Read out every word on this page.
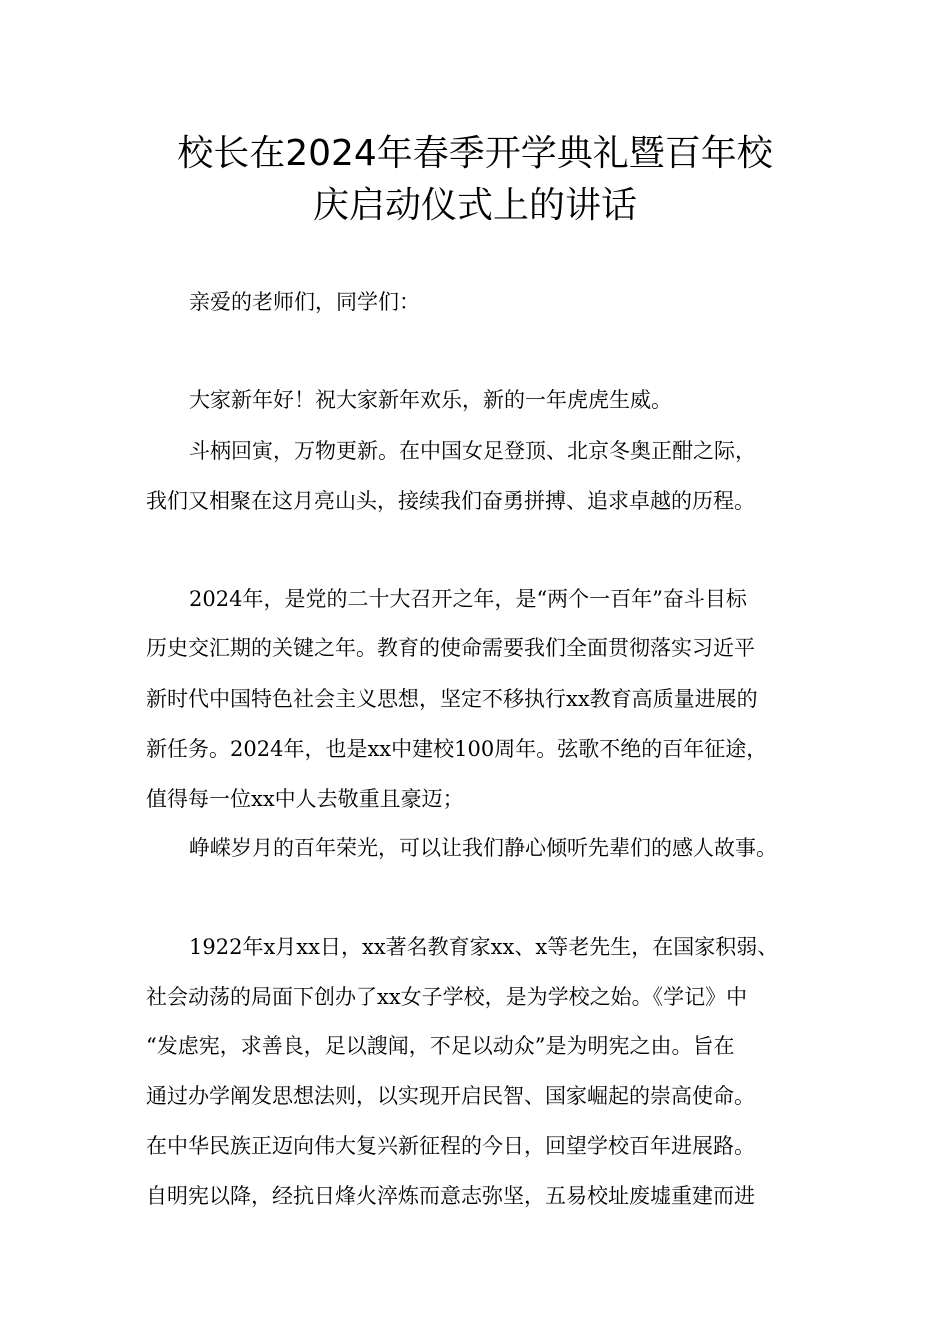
校长在2024年春季开学典礼暨百年校
庆启动仪式上的讲话
亲爱的老师们，同学们：
大家新年好！祝大家新年欢乐，新的一年虎虎生威。
斗柄回寅，万物更新。在中国女足登顶、北京冬奥正酣之际，
我们又相聚在这月亮山头，接续我们奋勇拼搏、追求卓越的历程。
2024年，是党的二十大召开之年，是“两个一百年”奋斗目标
历史交汇期的关键之年。教育的使命需要我们全面贯彻落实习近平
新时代中国特色社会主义思想，坚定不移执行xx教育高质量进展的
新任务。2024年，也是xx中建校100周年。弦歌不绝的百年征途，
值得每一位xx中人去敬重且豪迈；
峥嵘岁月的百年荣光，可以让我们静心倾听先辈们的感人故事。
1922年x月xx日，xx著名教育家xx、x等老先生，在国家积弱、
社会动荡的局面下创办了xx女子学校，是为学校之始。《学记》中
“发虑宪，求善良，足以謏闻，不足以动众”是为明宪之由。旨在
通过办学阐发思想法则，以实现开启民智、国家崛起的崇高使命。
在中华民族正迈向伟大复兴新征程的今日，回望学校百年进展路。
自明宪以降，经抗日烽火淬炼而意志弥坚，五易校址废墟重建而进
